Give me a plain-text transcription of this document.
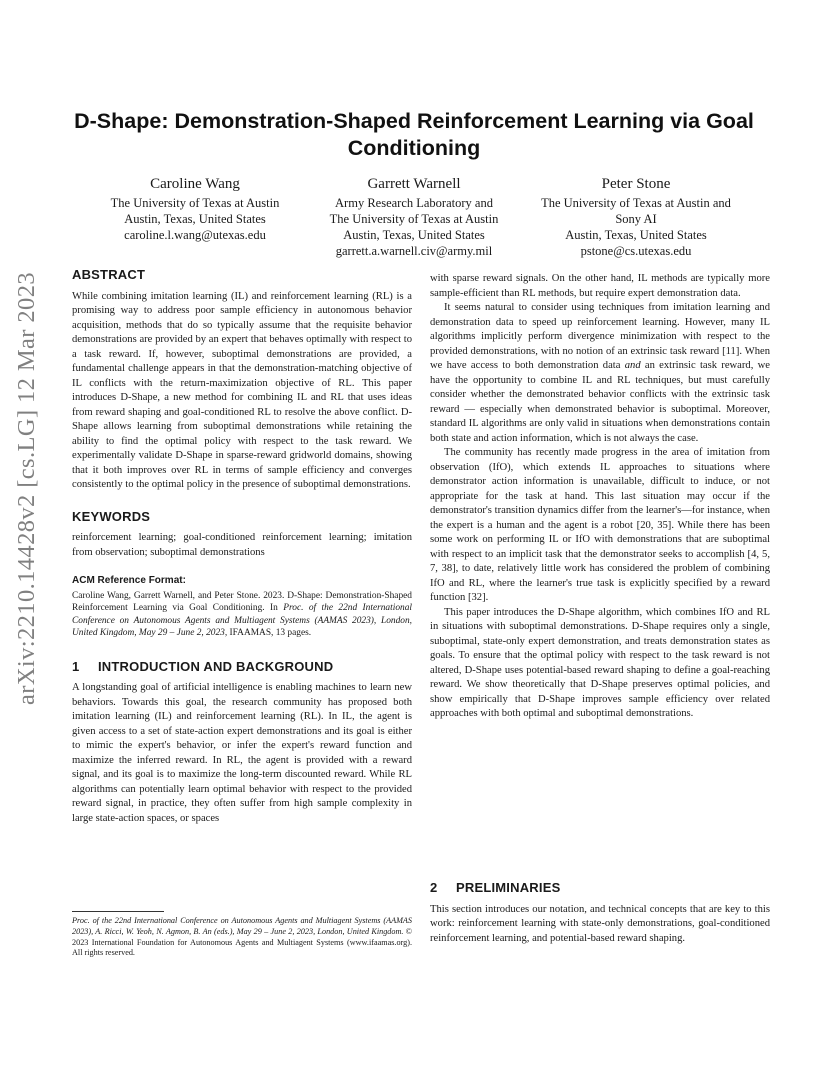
D-Shape: Demonstration-Shaped Reinforcement Learning via Goal Conditioning
Caroline Wang
The University of Texas at Austin
Austin, Texas, United States
caroline.l.wang@utexas.edu
Garrett Warnell
Army Research Laboratory and
The University of Texas at Austin
Austin, Texas, United States
garrett.a.warnell.civ@army.mil
Peter Stone
The University of Texas at Austin and
Sony AI
Austin, Texas, United States
pstone@cs.utexas.edu
arXiv:2210.14428v2 [cs.LG] 12 Mar 2023	ABSTRACT

While combining imitation learning (IL) and reinforcement learning (RL) is a promising way to address poor sample efficiency in autonomous behavior acquisition, methods that do so typically assume that the requisite behavior demonstrations are provided by an expert that behaves optimally with respect to a task reward. If, however, suboptimal demonstrations are provided, a fundamental challenge appears in that the demonstration-matching objective of IL conflicts with the return-maximization objective of RL. This paper introduces D-Shape, a new method for combining IL and RL that uses ideas from reward shaping and goal-conditioned RL to resolve the above conflict. D-Shape allows learning from suboptimal demonstrations while retaining the ability to find the optimal policy with respect to the task reward. We experimentally validate D-Shape in sparse-reward gridworld domains, showing that it both improves over RL in terms of sample efficiency and converges consistently to the optimal policy in the presence of suboptimal demonstrations.

KEYWORDS

reinforcement learning; goal-conditioned reinforcement learning; imitation from observation; suboptimal demonstrations

ACM Reference Format:

Caroline Wang, Garrett Warnell, and Peter Stone. 2023. D-Shape: Demonstration-Shaped Reinforcement Learning via Goal Conditioning. In Proc. of the 22nd International Conference on Autonomous Agents and Multiagent Systems (AAMAS 2023), London, United Kingdom, May 29 – June 2, 2023, IFAAMAS, 13 pages.

1 INTRODUCTION AND BACKGROUND

A longstanding goal of artificial intelligence is enabling machines to learn new behaviors. Towards this goal, the research community has proposed both imitation learning (IL) and reinforcement learning (RL). In IL, the agent is given access to a set of state-action expert demonstrations and its goal is either to mimic the expert's behavior, or infer the expert's reward function and maximize the inferred reward. In RL, the agent is provided with a reward signal, and its goal is to maximize the long-term discounted reward. While RL algorithms can potentially learn optimal behavior with respect to the provided reward signal, in practice, they often suffer from high sample complexity in large state-action spaces, or spaces

Proc. of the 22nd International Conference on Autonomous Agents and Multiagent Systems (AAMAS 2023), A. Ricci, W. Yeoh, N. Agmon, B. An (eds.), May 29 – June 2, 2023, London, United Kingdom. © 2023 International Foundation for Autonomous Agents and Multiagent Systems (www.ifaamas.org). All rights reserved.

with sparse reward signals. On the other hand, IL methods are typically more sample-efficient than RL methods, but require expert demonstration data.

It seems natural to consider using techniques from imitation learning and demonstration data to speed up reinforcement learning. However, many IL algorithms implicitly perform divergence minimization with respect to the provided demonstrations, with no notion of an extrinsic task reward [11]. When we have access to both demonstration data and an extrinsic task reward, we have the opportunity to combine IL and RL techniques, but must carefully consider whether the demonstrated behavior conflicts with the extrinsic task reward — especially when demonstrated behavior is suboptimal. Moreover, standard IL algorithms are only valid in situations when demonstrations contain both state and action information, which is not always the case.

The community has recently made progress in the area of imitation from observation (IfO), which extends IL approaches to situations where demonstrator action information is unavailable, difficult to induce, or not appropriate for the task at hand. This last situation may occur if the demonstrator's transition dynamics differ from the learner's—for instance, when the expert is a human and the agent is a robot [20, 35]. While there has been some work on performing IL or IfO with demonstrations that are suboptimal with respect to an implicit task that the demonstrator seeks to accomplish [4, 5, 7, 38], to date, relatively little work has considered the problem of combining IfO and RL, where the learner's true task is explicitly specified by a reward function [32].

This paper introduces the D-Shape algorithm, which combines IfO and RL in situations with suboptimal demonstrations. D-Shape requires only a single, suboptimal, state-only expert demonstration, and treats demonstration states as goals. To ensure that the optimal policy with respect to the task reward is not altered, D-Shape uses potential-based reward shaping to define a goal-reaching reward. We show theoretically that D-Shape preserves optimal policies, and show empirically that D-Shape improves sample efficiency over related approaches with both optimal and suboptimal demonstrations.

2 PRELIMINARIES

This section introduces our notation, and technical concepts that are key to this work: reinforcement learning with state-only demonstrations, goal-conditioned reinforcement learning, and potential-based reward shaping.
